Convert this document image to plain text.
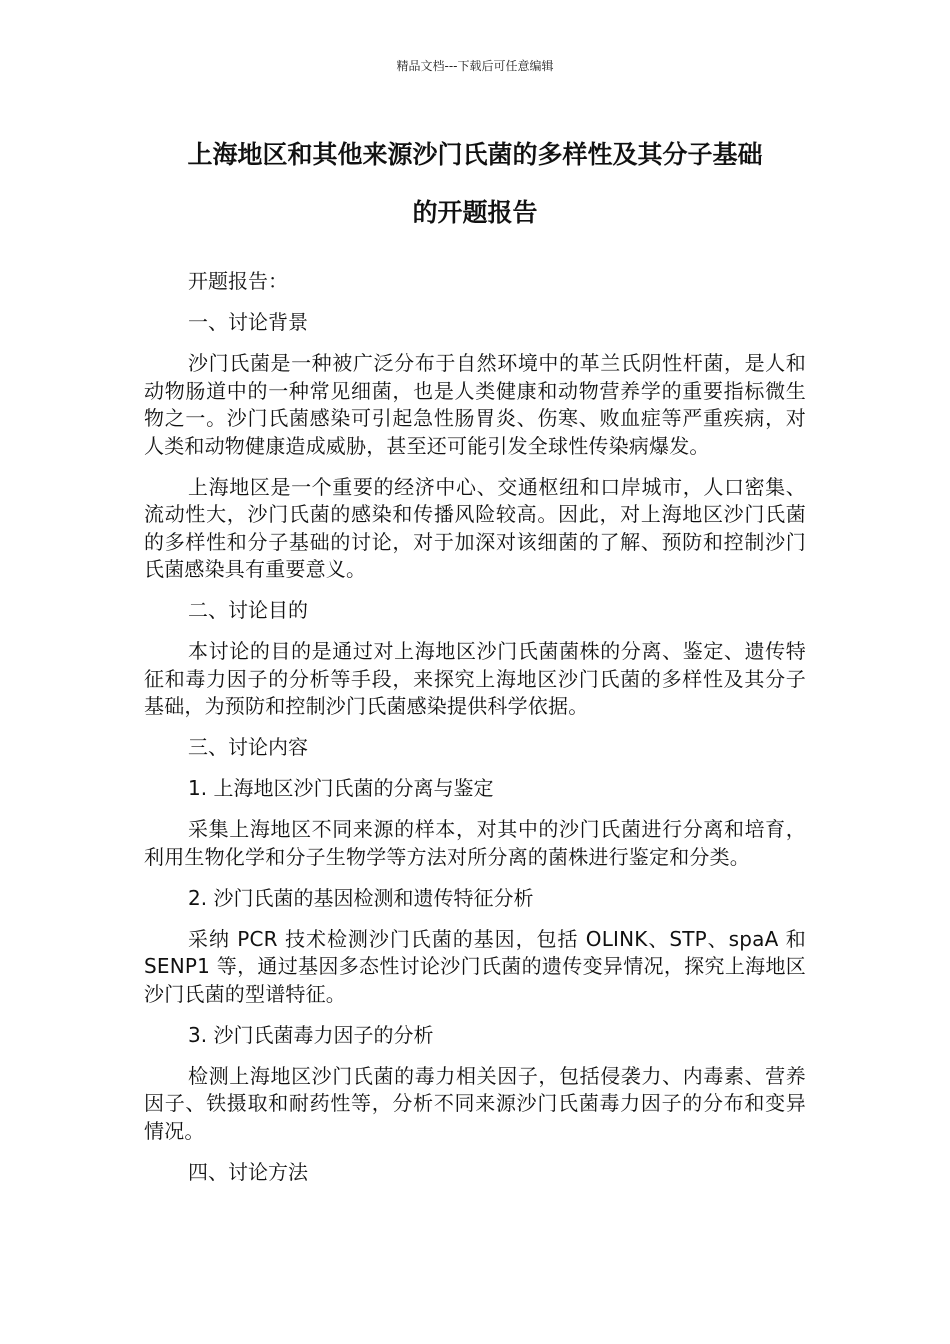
精品文档---下载后可任意编辑
上海地区和其他来源沙门氏菌的多样性及其分子基础
的开题报告
开题报告：
一、讨论背景
沙门氏菌是一种被广泛分布于自然环境中的革兰氏阴性杆菌，是人和动物肠道中的一种常见细菌，也是人类健康和动物营养学的重要指标微生物之一。沙门氏菌感染可引起急性肠胃炎、伤寒、败血症等严重疾病，对人类和动物健康造成威胁，甚至还可能引发全球性传染病爆发。
上海地区是一个重要的经济中心、交通枢纽和口岸城市，人口密集、流动性大，沙门氏菌的感染和传播风险较高。因此，对上海地区沙门氏菌的多样性和分子基础的讨论，对于加深对该细菌的了解、预防和控制沙门氏菌感染具有重要意义。
二、讨论目的
本讨论的目的是通过对上海地区沙门氏菌菌株的分离、鉴定、遗传特征和毒力因子的分析等手段，来探究上海地区沙门氏菌的多样性及其分子基础，为预防和控制沙门氏菌感染提供科学依据。
三、讨论内容
1. 上海地区沙门氏菌的分离与鉴定
采集上海地区不同来源的样本，对其中的沙门氏菌进行分离和培育，利用生物化学和分子生物学等方法对所分离的菌株进行鉴定和分类。
2. 沙门氏菌的基因检测和遗传特征分析
采纳 PCR 技术检测沙门氏菌的基因，包括 OLINK、STP、spaA 和 SENP1 等，通过基因多态性讨论沙门氏菌的遗传变异情况，探究上海地区沙门氏菌的型谱特征。
3. 沙门氏菌毒力因子的分析
检测上海地区沙门氏菌的毒力相关因子，包括侵袭力、内毒素、营养因子、铁摄取和耐药性等，分析不同来源沙门氏菌毒力因子的分布和变异情况。
四、讨论方法
